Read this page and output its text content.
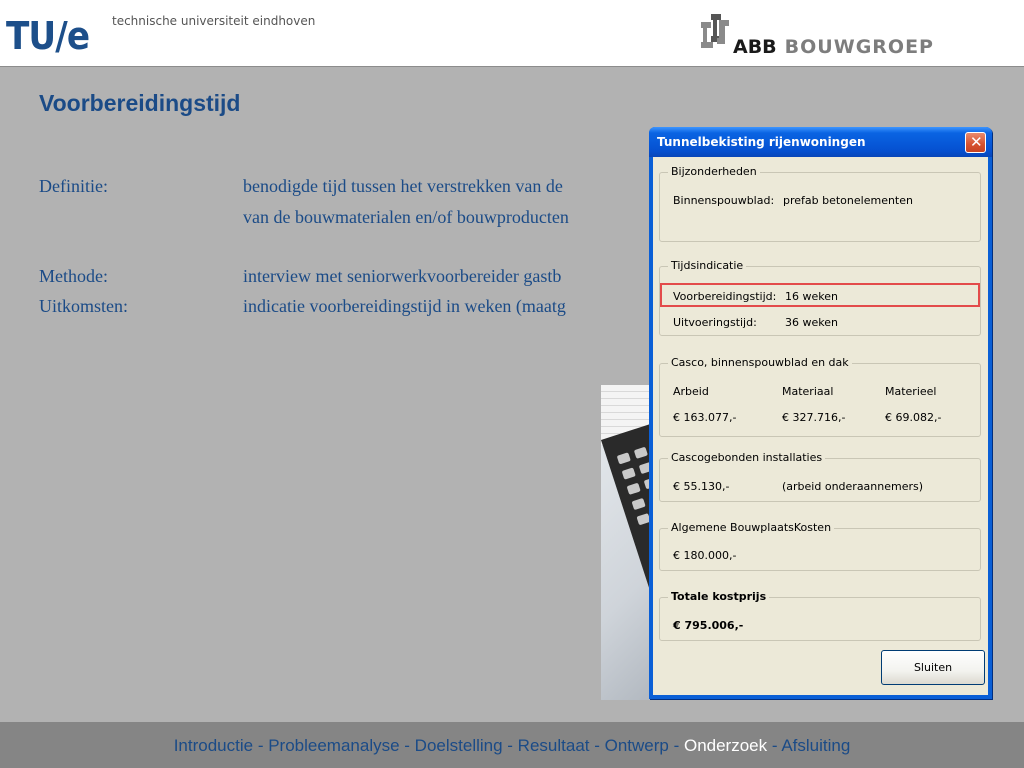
TU/e technische universiteit eindhoven
ABB BOUWGROEP
Voorbereidingstijd
Definitie:	benodigde tijd tussen het verstrekken van de
van de bouwmaterialen en/of bouwproducten
Methode:	interview met seniorwerkvoorbereider gastb
Uitkomsten:	indicatie voorbereidingstijd in weken (maatg
Tunnelbekisting rijenwoningen	✕
Bijzonderheden
Binnenspouwblad: prefab betonelementen
Tijdsindicatie
Voorbereidingstijd: 16 weken
Uitvoeringstijd:	36 weken
Casco, binnenspouwblad en dak
Arbeid	Materiaal	Materieel
€ 163.077,-	€ 327.716,-	€ 69.082,-
Cascogebonden installaties
€ 55.130,-	(arbeid onderaannemers)
Algemene BouwplaatsKosten
€ 180.000,-
Totale kostprijs
€ 795.006,-
Sluiten
Introductie - Probleemanalyse - Doelstelling - Resultaat - Ontwerp - Onderzoek - Afsluiting
